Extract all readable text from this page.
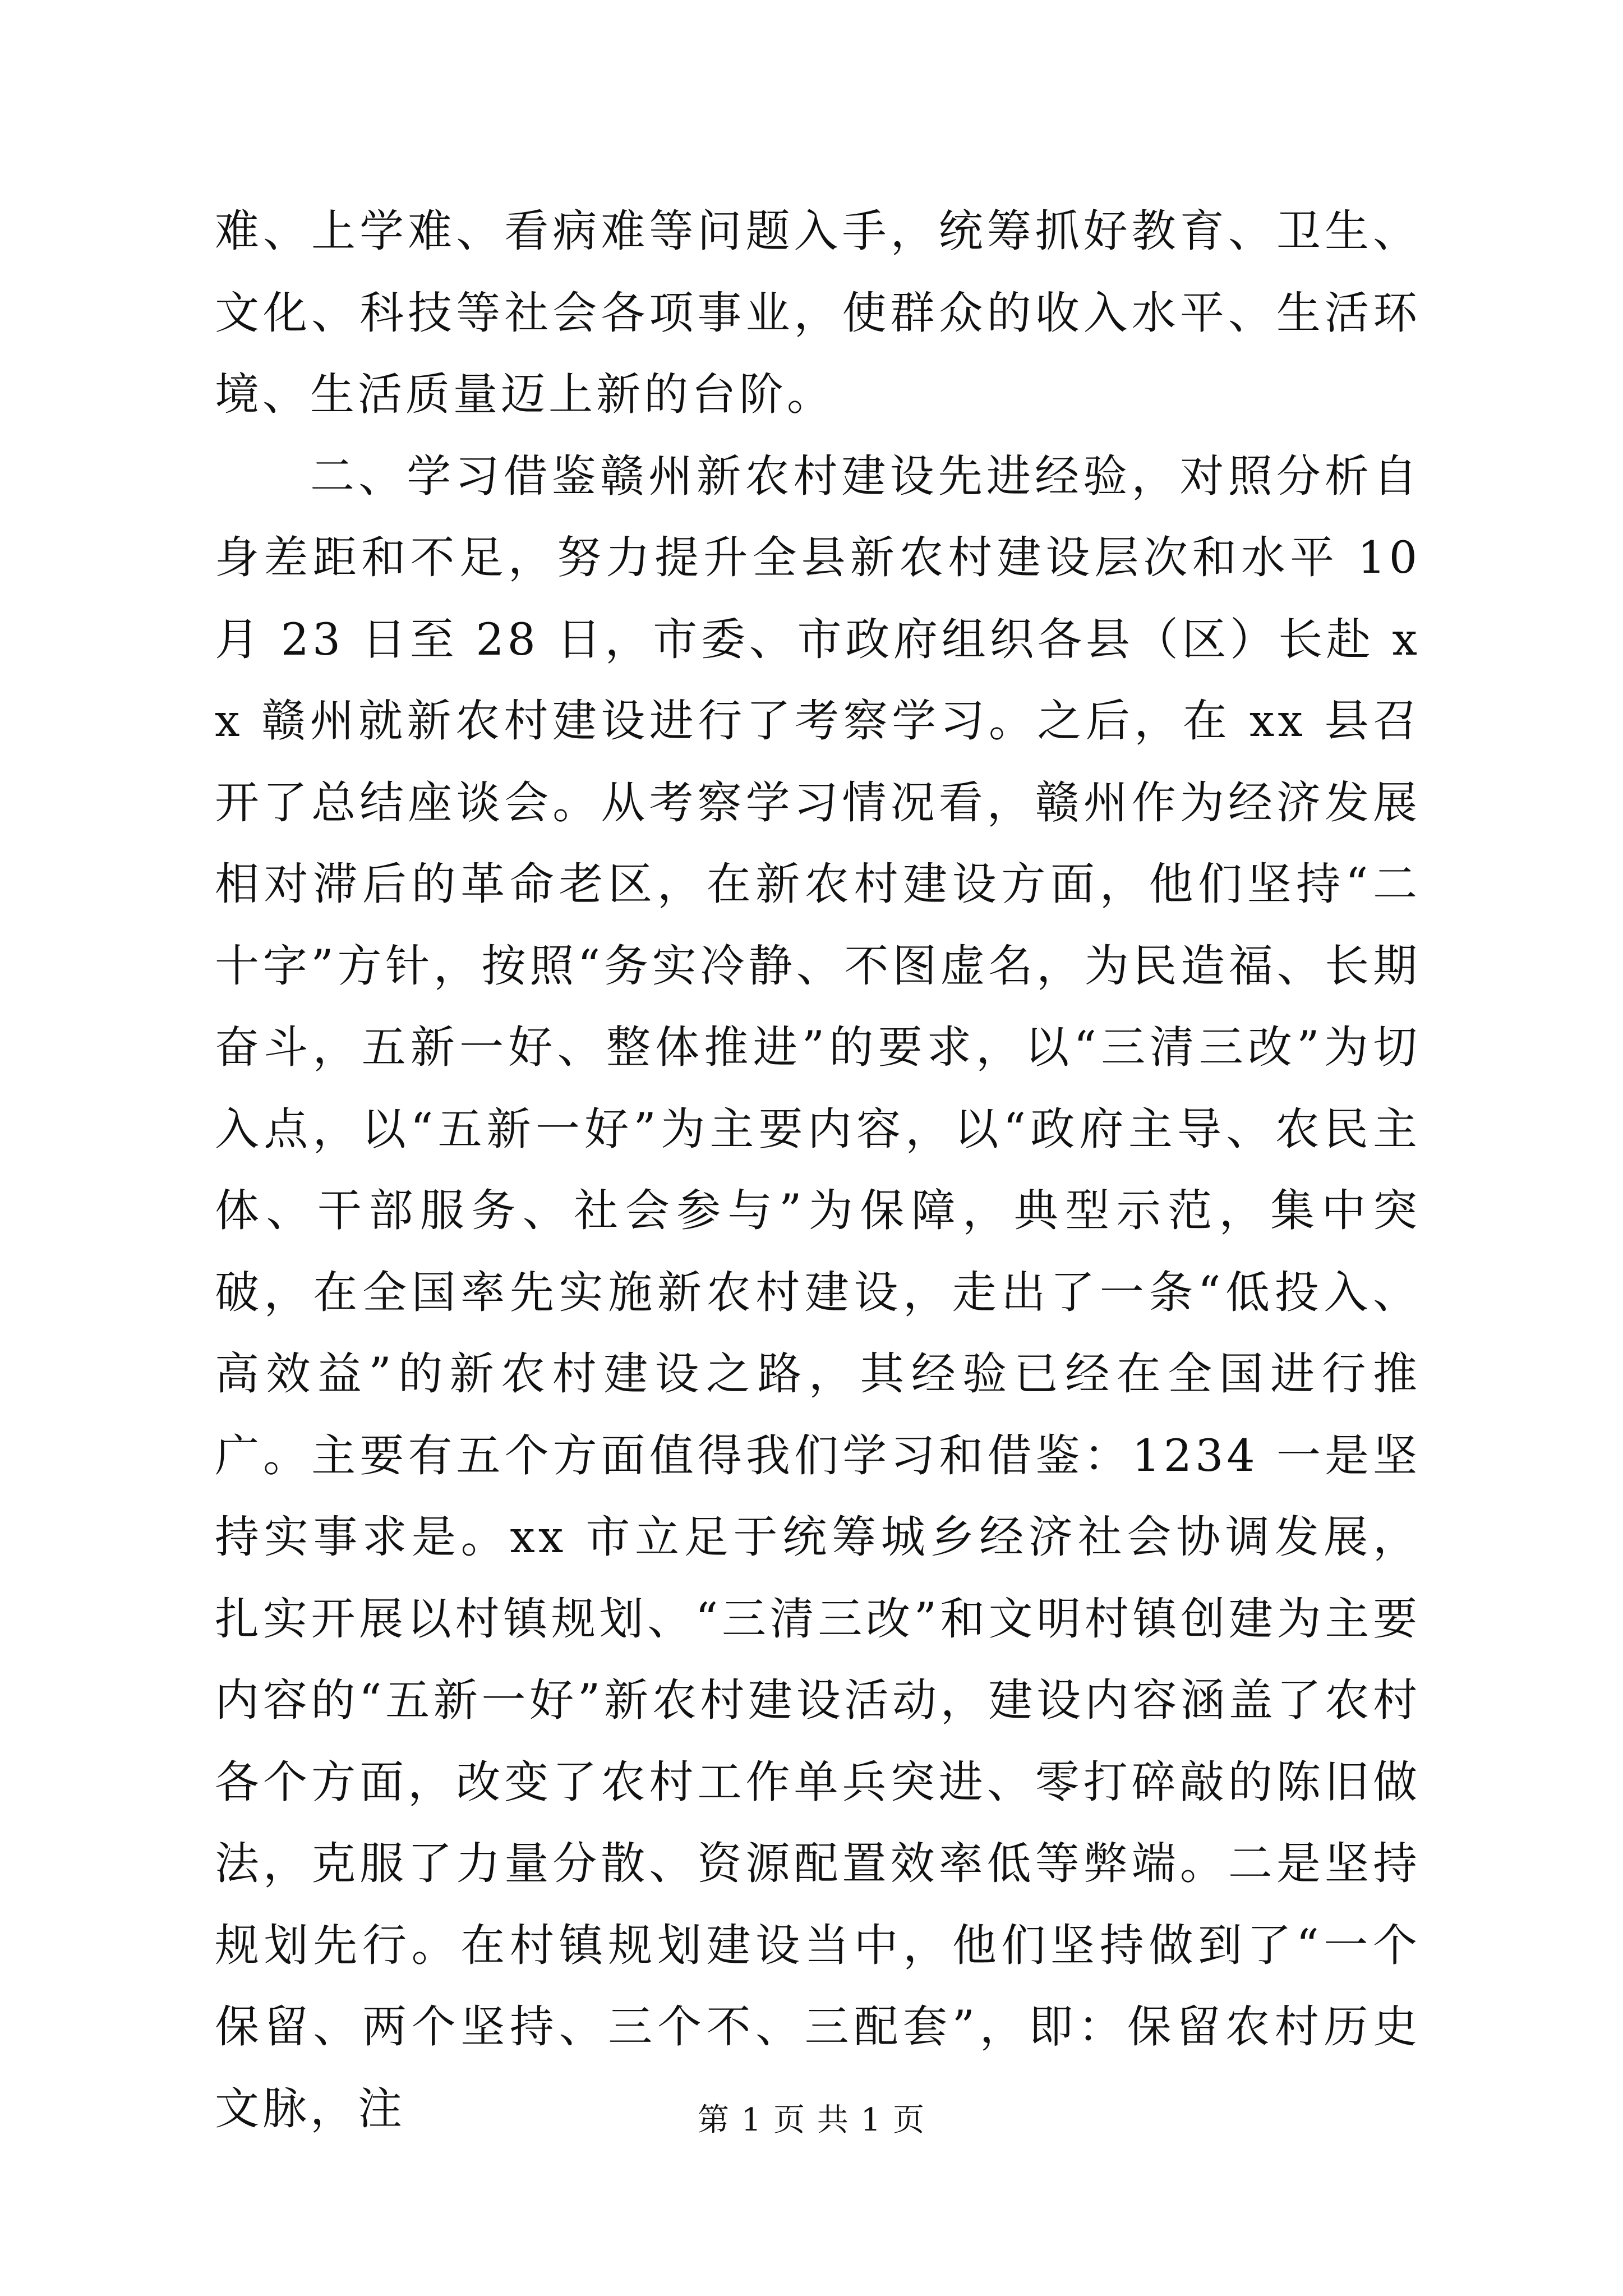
难、上学难、看病难等问题入手，统筹抓好教育、卫生、文化、科技等社会各项事业，使群众的收入水平、生活环境、生活质量迈上新的台阶。

二、学习借鉴赣州新农村建设先进经验，对照分析自身差距和不足，努力提升全县新农村建设层次和水平 10 月 23 日至 28 日，市委、市政府组织各县（区）长赴 xx 赣州就新农村建设进行了考察学习。之后，在 xx 县召开了总结座谈会。从考察学习情况看，赣州作为经济发展相对滞后的革命老区，在新农村建设方面，他们坚持“二十字”方针，按照“务实冷静、不图虚名，为民造福、长期奋斗，五新一好、整体推进”的要求，以“三清三改”为切入点，以“五新一好”为主要内容，以“政府主导、农民主体、干部服务、社会参与”为保障，典型示范，集中突破，在全国率先实施新农村建设，走出了一条“低投入、高效益”的新农村建设之路，其经验已经在全国进行推广。主要有五个方面值得我们学习和借鉴：1234 一是坚持实事求是。xx 市立足于统筹城乡经济社会协调发展，扎实开展以村镇规划、“三清三改”和文明村镇创建为主要内容的“五新一好”新农村建设活动，建设内容涵盖了农村各个方面，改变了农村工作单兵突进、零打碎敲的陈旧做法，克服了力量分散、资源配置效率低等弊端。二是坚持规划先行。在村镇规划建设当中，他们坚持做到了“一个保留、两个坚持、三个不、三配套”，即：保留农村历史文脉，注	第 1 页 共 1 页
